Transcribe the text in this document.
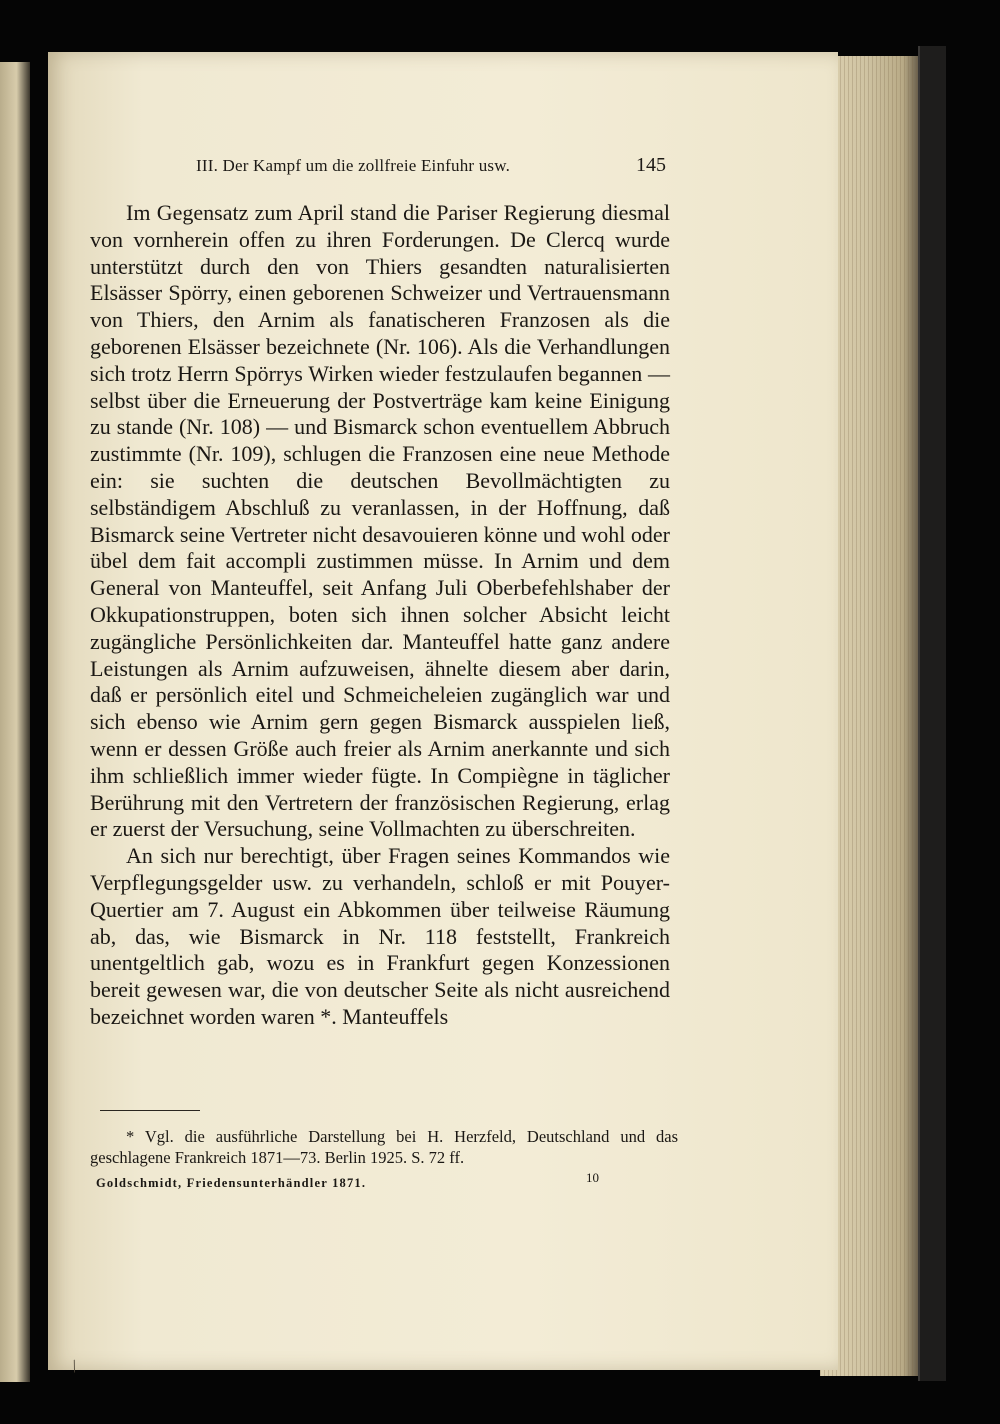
III. Der Kampf um die zollfreie Einfuhr usw.	145

Im Gegensatz zum April stand die Pariser Regierung diesmal von vornherein offen zu ihren Forderungen. De Clercq wurde unterstützt durch den von Thiers gesandten naturalisierten Elsässer Spörry, einen geborenen Schweizer und Vertrauensmann von Thiers, den Arnim als fanatischeren Franzosen als die geborenen Elsässer bezeichnete (Nr. 106). Als die Verhandlungen sich trotz Herrn Spörrys Wirken wieder festzulaufen begannen — selbst über die Erneuerung der Postverträge kam keine Einigung zu stande (Nr. 108) — und Bismarck schon eventuellem Abbruch zustimmte (Nr. 109), schlugen die Franzosen eine neue Methode ein: sie suchten die deutschen Bevollmächtigten zu selbständigem Abschluß zu veranlassen, in der Hoffnung, daß Bismarck seine Vertreter nicht desavouieren könne und wohl oder übel dem fait accompli zustimmen müsse. In Arnim und dem General von Manteuffel, seit Anfang Juli Oberbefehlshaber der Okkupationstruppen, boten sich ihnen solcher Absicht leicht zugängliche Persönlichkeiten dar. Manteuffel hatte ganz andere Leistungen als Arnim aufzuweisen, ähnelte diesem aber darin, daß er persönlich eitel und Schmeicheleien zugänglich war und sich ebenso wie Arnim gern gegen Bismarck ausspielen ließ, wenn er dessen Größe auch freier als Arnim anerkannte und sich ihm schließlich immer wieder fügte. In Compiègne in täglicher Berührung mit den Vertretern der französischen Regierung, erlag er zuerst der Versuchung, seine Vollmachten zu überschreiten.

An sich nur berechtigt, über Fragen seines Kommandos wie Verpflegungsgelder usw. zu verhandeln, schloß er mit Pouyer-Quertier am 7. August ein Abkommen über teilweise Räumung ab, das, wie Bismarck in Nr. 118 feststellt, Frankreich unentgeltlich gab, wozu es in Frankfurt gegen Konzessionen bereit gewesen war, die von deutscher Seite als nicht ausreichend bezeichnet worden waren *. Manteuffels

* Vgl. die ausführliche Darstellung bei H. Herzfeld, Deutschland und das geschlagene Frankreich 1871—73. Berlin 1925. S. 72 ff.

Goldschmidt, Friedensunterhändler 1871.	10
/
